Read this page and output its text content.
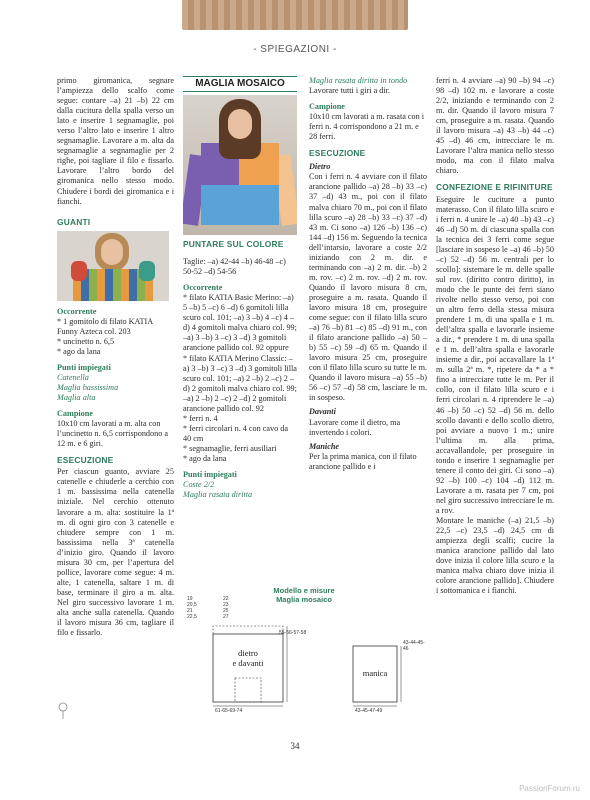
- SPIEGAZIONI -

primo giromanica, segnare l’ampiezza dello scalfo come segue: contare –a) 21 –b) 22 cm dalla cucitura della spalla verso un lato e inserire 1 segnamaglie, poi verso l’altro lato e inserire 1 altro segnamaglie. Lavorare a m. alta da segnamaglie a segnamaglie per 2 righe, poi tagliare il filo e fissarlo. Lavorare l’altro bordo del giromanica nello stesso modo. Chiudere i bordi dei giromanica e i fianchi.

GUANTI
Occorrente

* 1 gomitolo di filato KATIA Funny Azteca col. 203

* uncinetto n. 6,5

* ago da lana

Punti impiegati

Catenella

Maglia bassissima

Maglia alta

Campione

10x10 cm lavorati a m. alta con l’uncinetto n. 6,5 corrispondono a 12 m. e 6 giri.

ESECUZIONE

Per ciascun guanto, avviare 25 catenelle e chiuderle a cerchio con 1 m. bassissima nella catenella iniziale. Nel cerchio ottenuto lavorare a m. alta: sostituire la 1ª m. di ogni giro con 3 catenelle e chiudere sempre con 1 m. bassissima nella 3ª catenella d’inizio giro. Quando il lavoro misura 30 cm, per l’apertura del pollice, lavorare come segue: 4 m. alte, 1 catenella, saltare 1 m. di base, terminare il giro a m. alta. Nel giro successivo lavorare 1 m. alta anche sulla catenella. Quando il lavoro misura 36 cm, tagliare il filo e fissarlo.

MAGLIA MOSAICO
PUNTARE SUL COLORE

Taglie: –a) 42-44 –b) 46-48 –c) 50-52 –d) 54-56

Occorrente

* filato KATIA Basic Merino: –a) 5 –b) 5 –c) 6 –d) 6 gomitoli lilla scuro col. 101; –a) 3 –b) 4 –c) 4 –d) 4 gomitoli malva chiaro col. 99; –a) 3 –b) 3 –c) 3 –d) 3 gomitoli arancione pallido col. 92 oppure

* filato KATIA Merino Classic: –a) 3 –b) 3 –c) 3 –d) 3 gomitoli lilla scuro col. 101; –a) 2 –b) 2 –c) 2 –d) 2 gomitoli malva chiaro col. 99; –a) 2 –b) 2 –c) 2 –d) 2 gomitoli arancione pallido col. 92

* ferri n. 4

* ferri circolari n. 4 con cavo da 40 cm

* segnamaglie, ferri ausiliari

* ago da lana

Punti impiegati

Coste 2/2

Maglia rasata diritta

Maglia rasata diritta in tondo

Lavorare tutti i giri a dir.

Campione

10x10 cm lavorati a m. rasata con i ferri n. 4 corrispondono a 21 m. e 28 ferri.

ESECUZIONE
Dietro

Con i ferri n. 4 avviare con il filato arancione pallido –a) 28 –b) 33 –c) 37 –d) 43 m., poi con il filato malva chiaro 70 m., poi con il filato lilla scuro –a) 28 –b) 33 –c) 37 –d) 43 m. Ci sono –a) 126 –b) 136 –c) 144 –d) 156 m. Seguendo la tecnica dell’intarsio, lavorare a coste 2/2 iniziando con 2 m. dir. e terminando con –a) 2 m. dir. –b) 2 m. rov. –c) 2 m. rov. –d) 2 m. rov. Quando il lavoro misura 8 cm, proseguire a m. rasata. Quando il lavoro misura 18 cm, proseguire come segue: con il filato lilla scuro –a) 76 –b) 81 –c) 85 –d) 91 m., con il filato arancione pallido –a) 50 –b) 55 –c) 59 –d) 65 m. Quando il lavoro misura 25 cm, proseguire con il filato lilla scuro su tutte le m. Quando il lavoro misura –a) 55 –b) 56 –c) 57 –d) 58 cm, lasciare le m. in sospeso.

Davanti

Lavorare come il dietro, ma invertendo i colori.

Maniche

Per la prima manica, con il filato arancione pallido e i

ferri n. 4 avviare –a) 90 –b) 94 –c) 98 –d) 102 m. e lavorare a coste 2/2, iniziando e terminando con 2 m. dir. Quando il lavoro misura 7 cm, proseguire a m. rasata. Quando il lavoro misura –a) 43 –b) 44 –c) 45 –d) 46 cm, intrecciare le m. Lavorare l’altra manica nello stesso modo, ma con il filato malva chiaro.

CONFEZIONE E RIFINITURE

Eseguire le cuciture a punto materasso. Con il filato lilla scuro e i ferri n. 4 unire le –a) 40 –b) 43 –c) 46 –d) 50 m. di ciascuna spalla con la tecnica dei 3 ferri come segue [lasciare in sospeso le –a) 46 –b) 50 –c) 52 –d) 56 m. centrali per lo scollo]: sistemare le m. delle spalle sul rov. (diritto contro diritto), in modo che le punte dei ferri siano rivolte nello stesso verso, poi con un altro ferro della stessa misura prendere 1 m. di una spalla e 1 m. dell’altra spalla e lavorarle insieme a dir., * prendere 1 m. di una spalla e 1 m. dell’altra spalla e lavorarle insieme a dir., poi accavallare la 1ª m. sulla 2ª m. *, ripetere da * a * fino a intrecciare tutte le m. Per il collo, con il filato lilla scuro e i ferri circolari n. 4 riprendere le –a) 46 –b) 50 –c) 52 –d) 56 m. dello scollo davanti e dello scollo dietro, poi avviare a nuovo 1 m.; unire l’ultima m. alla prima, accavallandole, per proseguire in tondo e inserire 1 segnamaglie per tenere il conto dei giri. Ci sono –a) 92 –b) 100 –c) 104 –d) 112 m. Lavorare a m. rasata per 7 cm, poi nel giro successivo intrecciare le m. a rov.

Montare le maniche (–a) 21,5 –b) 22,5 –c) 23,5 –d) 24,5 cm di ampiezza degli scalfi; cucire la manica arancione pallido dal lato dove inizia il colore lilla scuro e la manica malva chiaro dove inizia il colore arancione pallido]. Chiudere i sottomanica e i fianchi.

Modello e misure
Maglia mosaico
19
20,5
21
22,5
22
23
25
27
55-56-57-58
61-65-69-74
dietro
e davanti
manica
43-44-45-46
43-45-47-49
34
PassionForum.ru
